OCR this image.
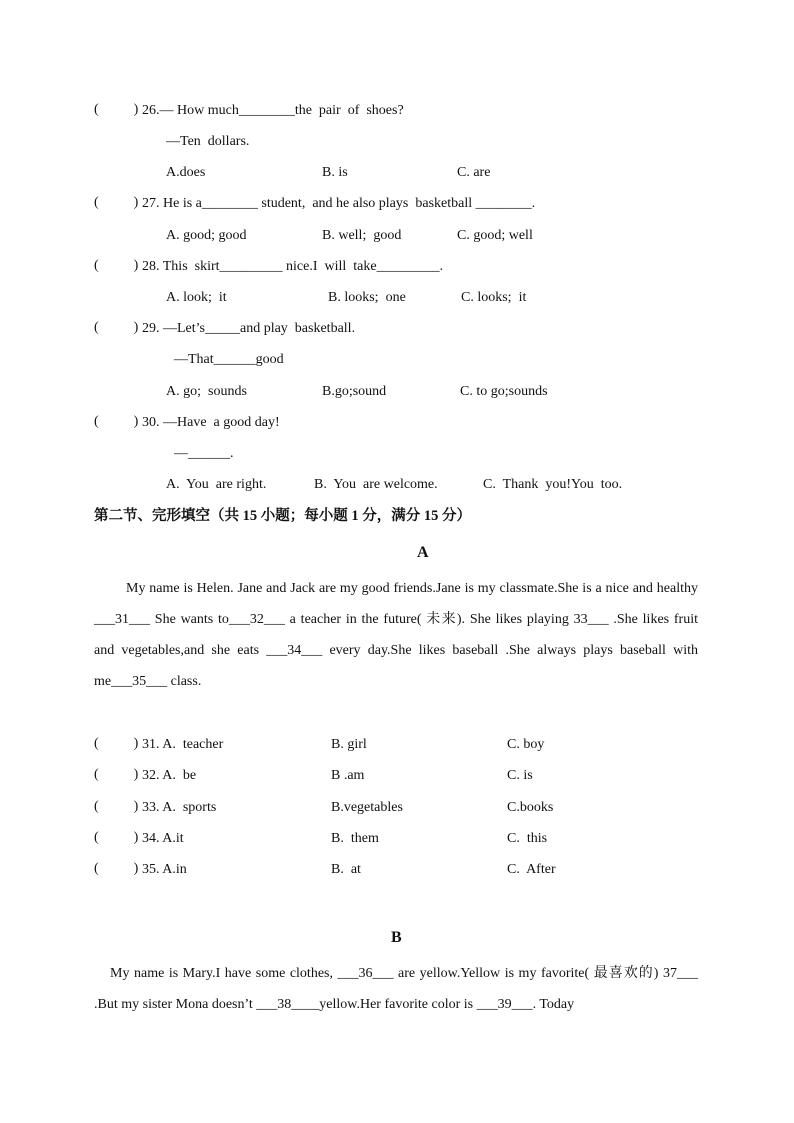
(          ) 26.— How much________the  pair  of  shoes?
—Ten  dollars.
A.does	B. is	C. are
(          ) 27. He is a________ student,  and he also plays  basketball ________.
A. good; good	B. well;  good	C. good; well
(          ) 28. This  skirt_________ nice.I  will  take_________.
A. look;  it	B. looks;  one	C. looks;  it
(          ) 29. —Let’s_____and play  basketball.
—That______good
A. go;  sounds	B.go;sound	C. to go;sounds
(          ) 30. —Have  a good day!
—______.
A.  You  are right.	B.  You  are welcome.	C.  Thank  you!You  too.
第二节、完形填空（共 15 小题；每小题 1 分，满分 15 分）
A
My name is Helen. Jane and Jack are my good friends.Jane is my classmate.She is a nice and healthy ___31___ She wants to___32___ a teacher in the future( 未来). She likes playing 33___ .She likes fruit and vegetables,and she eats ___34___ every day.She likes baseball .She always plays baseball with me___35___ class.
(          ) 31. A.  teacher	B. girl	C. boy
(          ) 32. A.  be	B .am	C. is
(          ) 33. A.  sports	B.vegetables	C.books
(          ) 34. A.it	B.  them	C.  this
(          ) 35. A.in	B.  at	C.  After
B
My name is Mary.I have some clothes, ___36___ are yellow.Yellow is my favorite( 最喜欢的) 37___ .But my sister Mona doesn’t ___38____yellow.Her favorite color is ___39___. Today
